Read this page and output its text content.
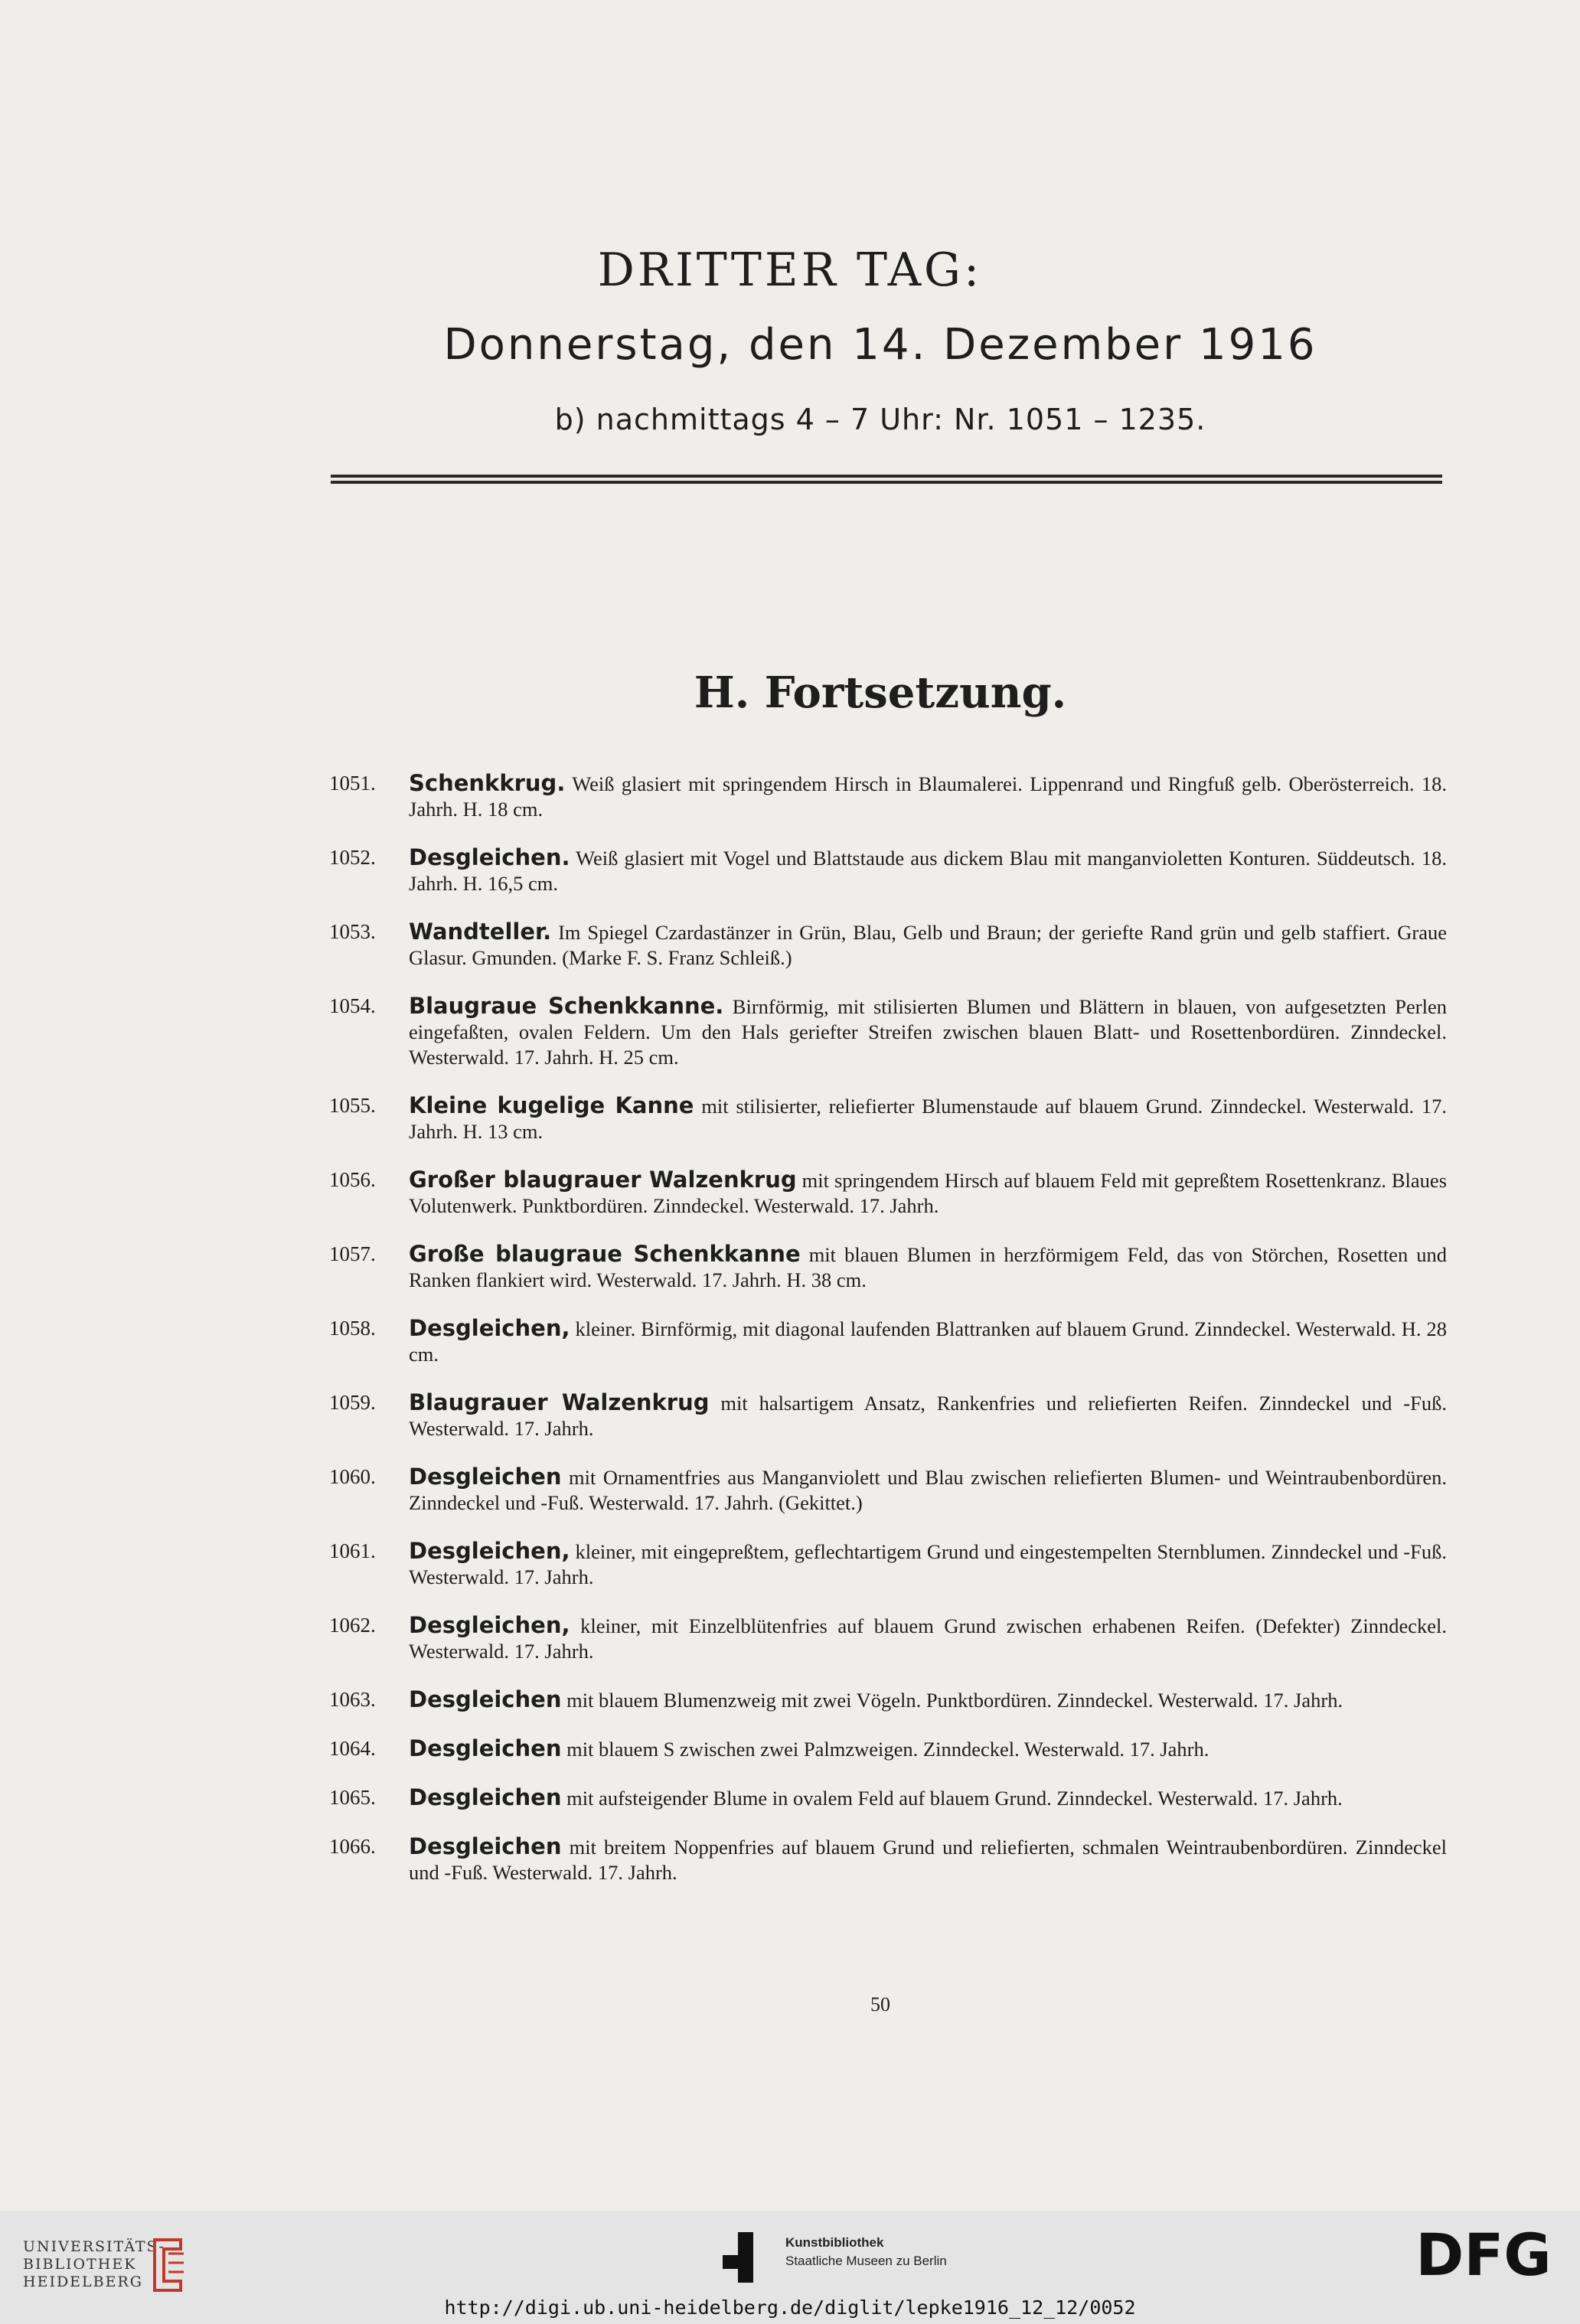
DRITTER TAG:
Donnerstag, den 14. Dezember 1916
b) nachmittags 4 – 7 Uhr: Nr. 1051 – 1235.
H. Fortsetzung.
1051. Schenkkrug. Weiß glasiert mit springendem Hirsch in Blaumalerei. Lippenrand und Ringfuß gelb. Oberösterreich. 18. Jahrh. H. 18 cm.
1052. Desgleichen. Weiß glasiert mit Vogel und Blattstaude aus dickem Blau mit manganvioletten Konturen. Süddeutsch. 18. Jahrh. H. 16,5 cm.
1053. Wandteller. Im Spiegel Czardastänzer in Grün, Blau, Gelb und Braun; der geriefte Rand grün und gelb staffiert. Graue Glasur. Gmunden. (Marke F. S. Franz Schleiß.)
1054. Blaugraue Schenkkanne. Birnförmig, mit stilisierten Blumen und Blättern in blauen, von aufgesetzten Perlen eingefaßten, ovalen Feldern. Um den Hals geriefter Streifen zwischen blauen Blatt- und Rosettenbordüren. Zinndeckel. Westerwald. 17. Jahrh. H. 25 cm.
1055. Kleine kugelige Kanne mit stilisierter, reliefierter Blumenstaude auf blauem Grund. Zinndeckel. Westerwald. 17. Jahrh. H. 13 cm.
1056. Großer blaugrauer Walzenkrug mit springendem Hirsch auf blauem Feld mit gepreßtem Rosettenkranz. Blaues Volutenwerk. Punktbordüren. Zinndeckel. Westerwald. 17. Jahrh.
1057. Große blaugraue Schenkkanne mit blauen Blumen in herzförmigem Feld, das von Störchen, Rosetten und Ranken flankiert wird. Westerwald. 17. Jahrh. H. 38 cm.
1058. Desgleichen, kleiner. Birnförmig, mit diagonal laufenden Blattranken auf blauem Grund. Zinndeckel. Westerwald. H. 28 cm.
1059. Blaugrauer Walzenkrug mit halsartigem Ansatz, Rankenfries und reliefierten Reifen. Zinndeckel und -Fuß. Westerwald. 17. Jahrh.
1060. Desgleichen mit Ornamentfries aus Manganviolett und Blau zwischen reliefierten Blumen- und Weintraubenbordüren. Zinndeckel und -Fuß. Westerwald. 17. Jahrh. (Gekittet.)
1061. Desgleichen, kleiner, mit eingepreßtem, geflechtartigem Grund und eingestempelten Sternblumen. Zinndeckel und -Fuß. Westerwald. 17. Jahrh.
1062. Desgleichen, kleiner, mit Einzelblütenfries auf blauem Grund zwischen erhabenen Reifen. (Defekter) Zinndeckel. Westerwald. 17. Jahrh.
1063. Desgleichen mit blauem Blumenzweig mit zwei Vögeln. Punktbordüren. Zinndeckel. Westerwald. 17. Jahrh.
1064. Desgleichen mit blauem S zwischen zwei Palmzweigen. Zinndeckel. Westerwald. 17. Jahrh.
1065. Desgleichen mit aufsteigender Blume in ovalem Feld auf blauem Grund. Zinndeckel. Westerwald. 17. Jahrh.
1066. Desgleichen mit breitem Noppenfries auf blauem Grund und reliefierten, schmalen Weintraubenbordüren. Zinndeckel und -Fuß. Westerwald. 17. Jahrh.
50
UNIVERSITÄTS-
BIBLIOTHEK
HEIDELBERG
Kunstbibliothek
Staatliche Museen zu Berlin	DFG
http://digi.ub.uni-heidelberg.de/diglit/lepke1916_12_12/0052
